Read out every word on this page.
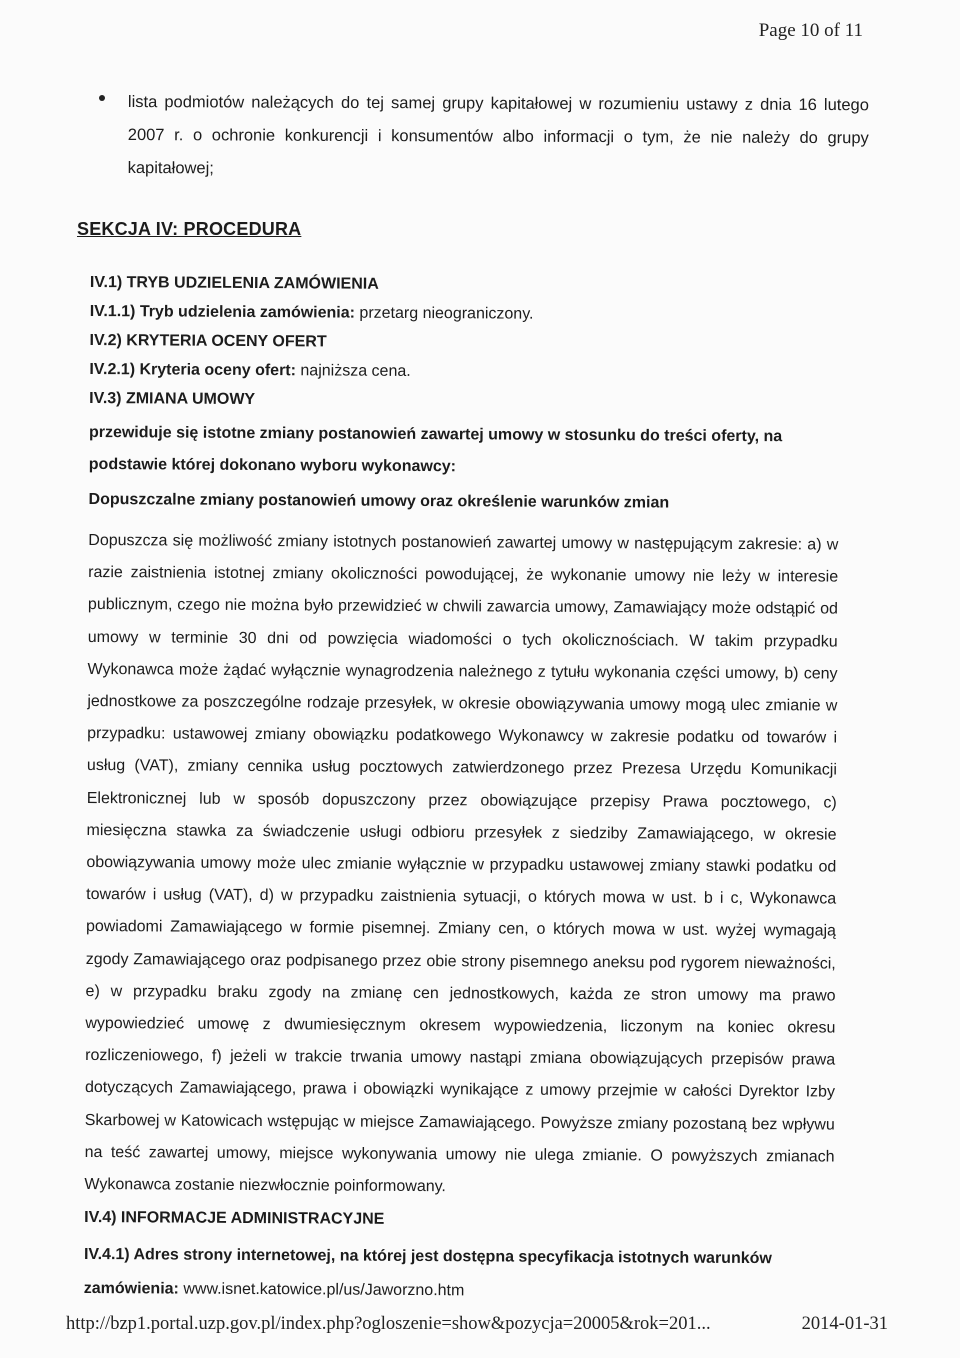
Page 10 of 11
lista podmiotów należących do tej samej grupy kapitałowej w rozumieniu ustawy z dnia 16 lutego 2007 r. o ochronie konkurencji i konsumentów albo informacji o tym, że nie należy do grupy kapitałowej;
SEKCJA IV: PROCEDURA

IV.1) TRYB UDZIELENIA ZAMÓWIENIA

IV.1.1) Tryb udzielenia zamówienia: przetarg nieograniczony.

IV.2) KRYTERIA OCENY OFERT

IV.2.1) Kryteria oceny ofert: najniższa cena.

IV.3) ZMIANA UMOWY

przewiduje się istotne zmiany postanowień zawartej umowy w stosunku do treści oferty, na podstawie której dokonano wyboru wykonawcy:

Dopuszczalne zmiany postanowień umowy oraz określenie warunków zmian

Dopuszcza się możliwość zmiany istotnych postanowień zawartej umowy w następującym zakresie: a) w razie zaistnienia istotnej zmiany okoliczności powodującej, że wykonanie umowy nie leży w interesie publicznym, czego nie można było przewidzieć w chwili zawarcia umowy, Zamawiający może odstąpić od umowy w terminie 30 dni od powzięcia wiadomości o tych okolicznościach. W takim przypadku Wykonawca może żądać wyłącznie wynagrodzenia należnego z tytułu wykonania części umowy, b) ceny jednostkowe za poszczególne rodzaje przesyłek, w okresie obowiązywania umowy mogą ulec zmianie w przypadku: ustawowej zmiany obowiązku podatkowego Wykonawcy w zakresie podatku od towarów i usług (VAT), zmiany cennika usług pocztowych zatwierdzonego przez Prezesa Urzędu Komunikacji Elektronicznej lub w sposób dopuszczony przez obowiązujące przepisy Prawa pocztowego, c) miesięczna stawka za świadczenie usługi odbioru przesyłek z siedziby Zamawiającego, w okresie obowiązywania umowy może ulec zmianie wyłącznie w przypadku ustawowej zmiany stawki podatku od towarów i usług (VAT), d) w przypadku zaistnienia sytuacji, o których mowa w ust. b i c, Wykonawca powiadomi Zamawiającego w formie pisemnej. Zmiany cen, o których mowa w ust. wyżej wymagają zgody Zamawiającego oraz podpisanego przez obie strony pisemnego aneksu pod rygorem nieważności, e) w przypadku braku zgody na zmianę cen jednostkowych, każda ze stron umowy ma prawo wypowiedzieć umowę z dwumiesięcznym okresem wypowiedzenia, liczonym na koniec okresu rozliczeniowego, f) jeżeli w trakcie trwania umowy nastąpi zmiana obowiązujących przepisów prawa dotyczących Zamawiającego, prawa i obowiązki wynikające z umowy przejmie w całości Dyrektor Izby Skarbowej w Katowicach wstępując w miejsce Zamawiającego. Powyższe zmiany pozostaną bez wpływu na teść zawartej umowy, miejsce wykonywania umowy nie ulega zmianie. O powyższych zmianach Wykonawca zostanie niezwłocznie poinformowany.

IV.4) INFORMACJE ADMINISTRACYJNE

IV.4.1) Adres strony internetowej, na której jest dostępna specyfikacja istotnych warunków zamówienia: www.isnet.katowice.pl/us/Jaworzno.htm

http://bzp1.portal.uzp.gov.pl/index.php?ogloszenie=show&pozycja=20005&rok=201...	2014-01-31
